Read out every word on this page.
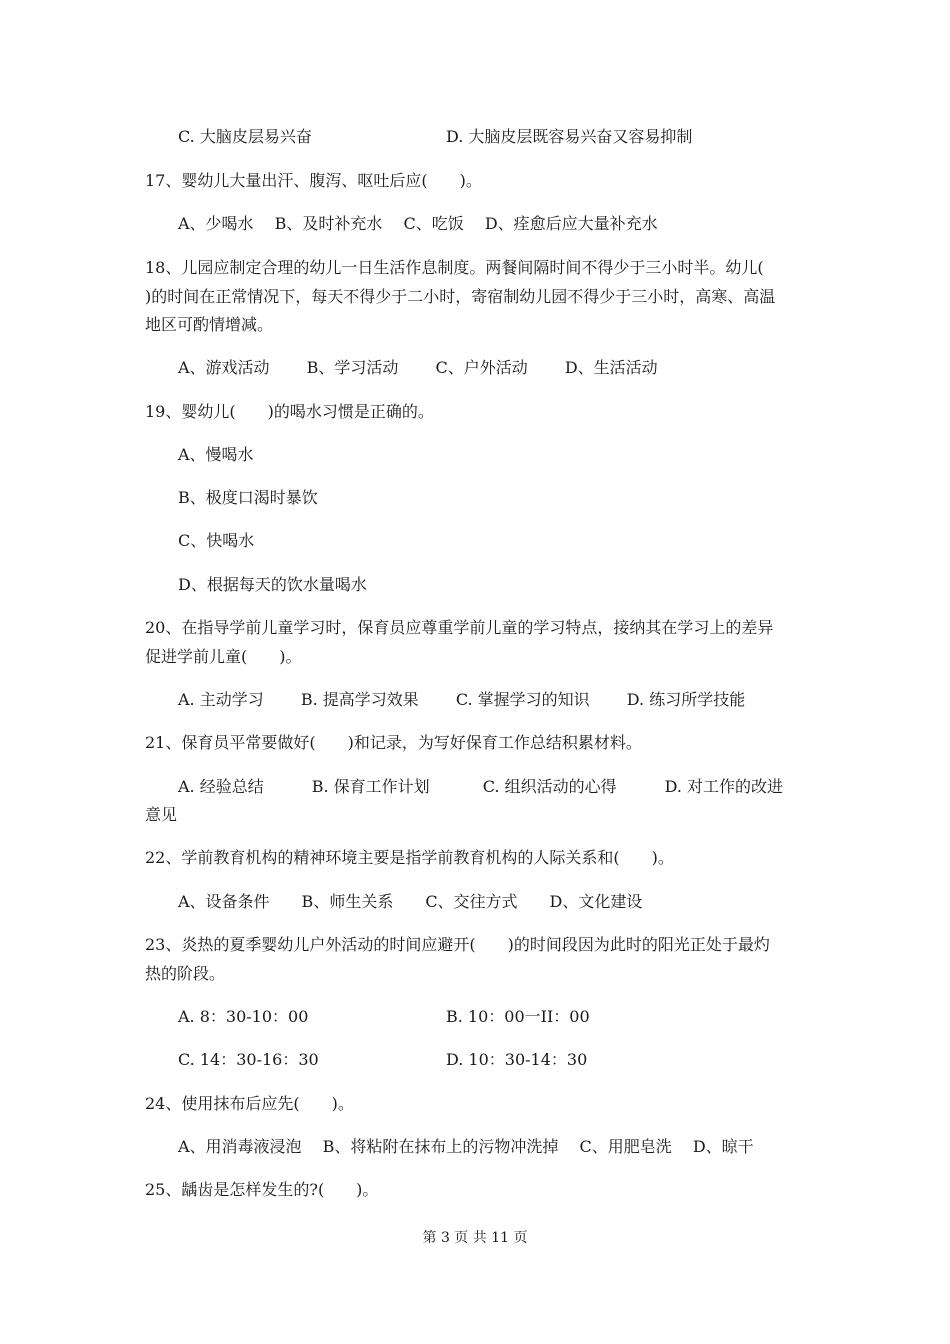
C. 大脑皮层易兴奋	D. 大脑皮层既容易兴奋又容易抑制
17、婴幼儿大量出汗、腹泻、呕吐后应(　　)。
A、少喝水　 B、及时补充水　 C、吃饭　 D、痊愈后应大量补充水
18、儿园应制定合理的幼儿一日生活作息制度。两餐间隔时间不得少于三小时半。幼儿(
)的时间在正常情况下，每天不得少于二小时，寄宿制幼儿园不得少于三小时，高寒、高温
地区可酌情增减。
A、游戏活动　　 B、学习活动　　 C、户外活动　　 D、生活活动
19、婴幼儿(　　)的喝水习惯是正确的。
A、慢喝水
B、极度口渴时暴饮
C、快喝水
D、根据每天的饮水量喝水
20、在指导学前儿童学习时，保育员应尊重学前儿童的学习特点，接纳其在学习上的差异
促进学前儿童(　　)。
A. 主动学习　　 B. 提高学习效果　　 C. 掌握学习的知识　　 D. 练习所学技能
21、保育员平常要做好(　　)和记录，为写好保育工作总结积累材料。
A. 经验总结　　　B. 保育工作计划　　　 C. 组织活动的心得　　　D. 对工作的改进
意见
22、学前教育机构的精神环境主要是指学前教育机构的人际关系和(　　)。
A、设备条件　　B、师生关系　　C、交往方式　　D、文化建设
23、炎热的夏季婴幼儿户外活动的时间应避开(　　)的时间段因为此时的阳光正处于最灼
热的阶段。
A. 8：30-10：00	B. 10：00一II：00
C. 14：30-16：30	D. 10：30-14：30
24、使用抹布后应先(　　)。
A、用消毒液浸泡　 B、将粘附在抹布上的污物冲洗掉　 C、用肥皂洗　 D、晾干
25、龋齿是怎样发生的?(　　)。
第 3 页 共 11 页
